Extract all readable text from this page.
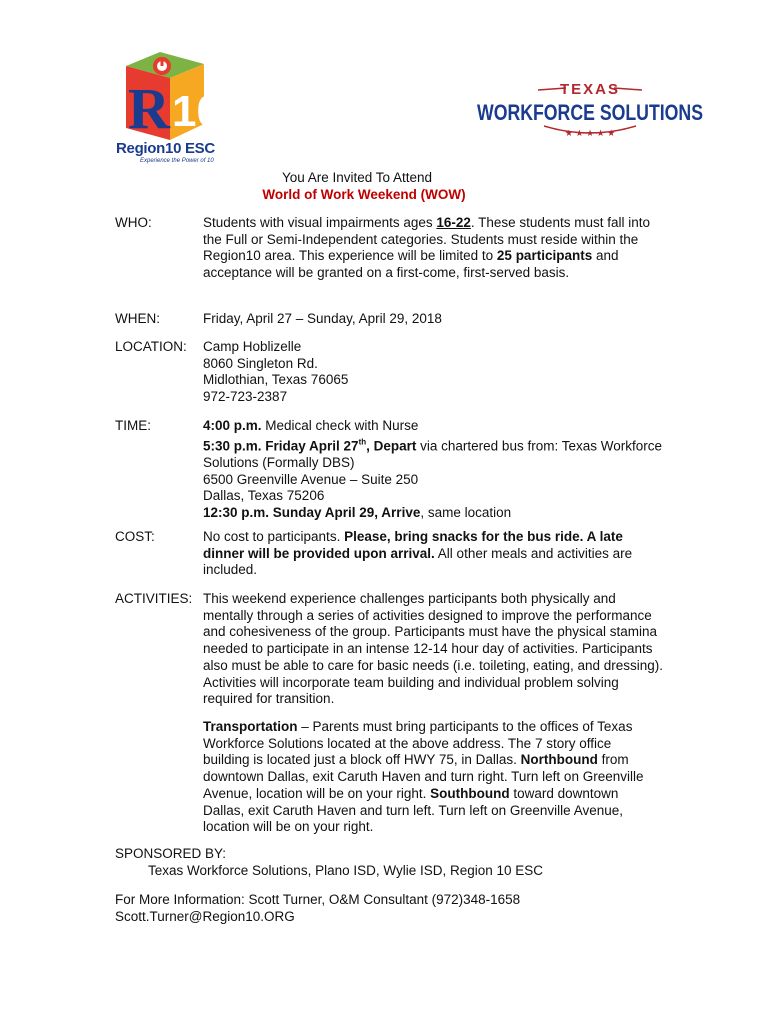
R 10
Region10 ESC
Experience the Power of 10
TEXAS
WORKFORCE SOLUTIONS
★ ★ ★ ★ ★
You Are Invited To Attend
World of Work Weekend (WOW)
WHO:	Students with visual impairments ages 16-22. These students must fall into the Full or Semi-Independent categories. Students must reside within the Region10 area. This experience will be limited to 25 participants and acceptance will be granted on a first-come, first-served basis.
WHEN:	Friday, April 27 – Sunday, April 29, 2018
LOCATION:	Camp Hoblizelle
8060 Singleton Rd.
Midlothian, Texas 76065
972-723-2387
TIME:	4:00 p.m. Medical check with Nurse
5:30 p.m. Friday April 27th, Depart via chartered bus from: Texas Workforce Solutions (Formally DBS)
6500 Greenville Avenue – Suite 250
Dallas, Texas 75206
12:30 p.m. Sunday April 29, Arrive, same location
COST:	No cost to participants. Please, bring snacks for the bus ride. A late dinner will be provided upon arrival. All other meals and activities are included.
ACTIVITIES: This weekend experience challenges participants both physically and mentally through a series of activities designed to improve the performance and cohesiveness of the group. Participants must have the physical stamina needed to participate in an intense 12-14 hour day of activities. Participants also must be able to care for basic needs (i.e. toileting, eating, and dressing). Activities will incorporate team building and individual problem solving required for transition.
Transportation – Parents must bring participants to the offices of Texas Workforce Solutions located at the above address. The 7 story office building is located just a block off HWY 75, in Dallas. Northbound from downtown Dallas, exit Caruth Haven and turn right. Turn left on Greenville Avenue, location will be on your right. Southbound toward downtown Dallas, exit Caruth Haven and turn left. Turn left on Greenville Avenue, location will be on your right.
SPONSORED BY:
Texas Workforce Solutions, Plano ISD, Wylie ISD, Region 10 ESC
For More Information: Scott Turner, O&M Consultant (972)348-1658
Scott.Turner@Region10.ORG
